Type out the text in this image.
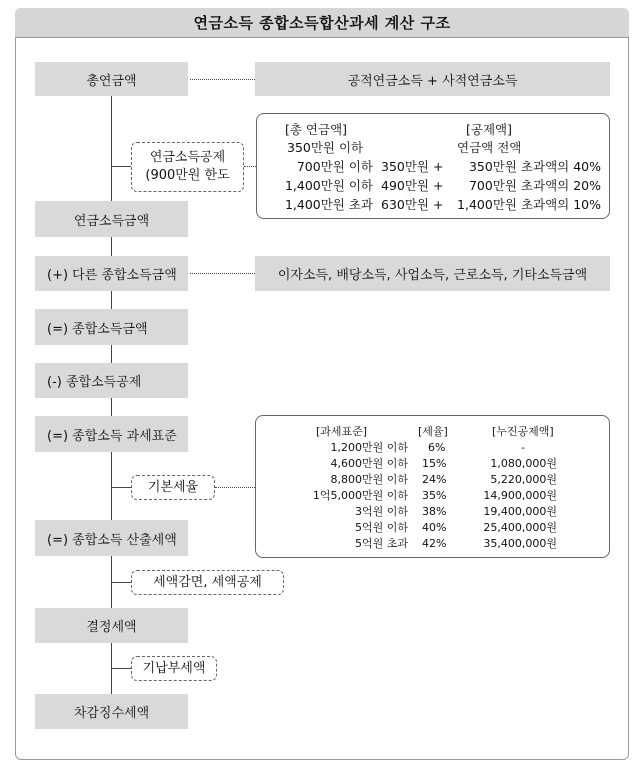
연금소득 종합소득합산과세 계산 구조
총연금액
연금소득금액
(+) 다른 종합소득금액
(=) 종합소득금액
(-) 종합소득공제
(=) 종합소득 과세표준
(=) 종합소득 산출세액
결정세액
차감징수세액
공적연금소득 + 사적연금소득
연금소득공제
(900만원 한도
[총 연금액]	[공제액]
350만원 이하	연금액 전액
700만원 이하 350만원 + 350만원 초과액의 40%
1,400만원 이하 490만원 + 700만원 초과액의 20%
1,400만원 초과 630만원 + 1,400만원 초과액의 10%
이자소득, 배당소득, 사업소득, 근로소득, 기타소득금액
기본세율
[과세표준]	[세율]	[누진공제액]
1,200만원 이하 6%	-
4,600만원 이하 15%	1,080,000원
8,800만원 이하 24%	5,220,000원
1억5,000만원 이하 35%	14,900,000원
3억원 이하 38%	19,400,000원
5억원 이하 40%	25,400,000원
5억원 초과 42%	35,400,000원
세액감면, 세액공제
기납부세액
